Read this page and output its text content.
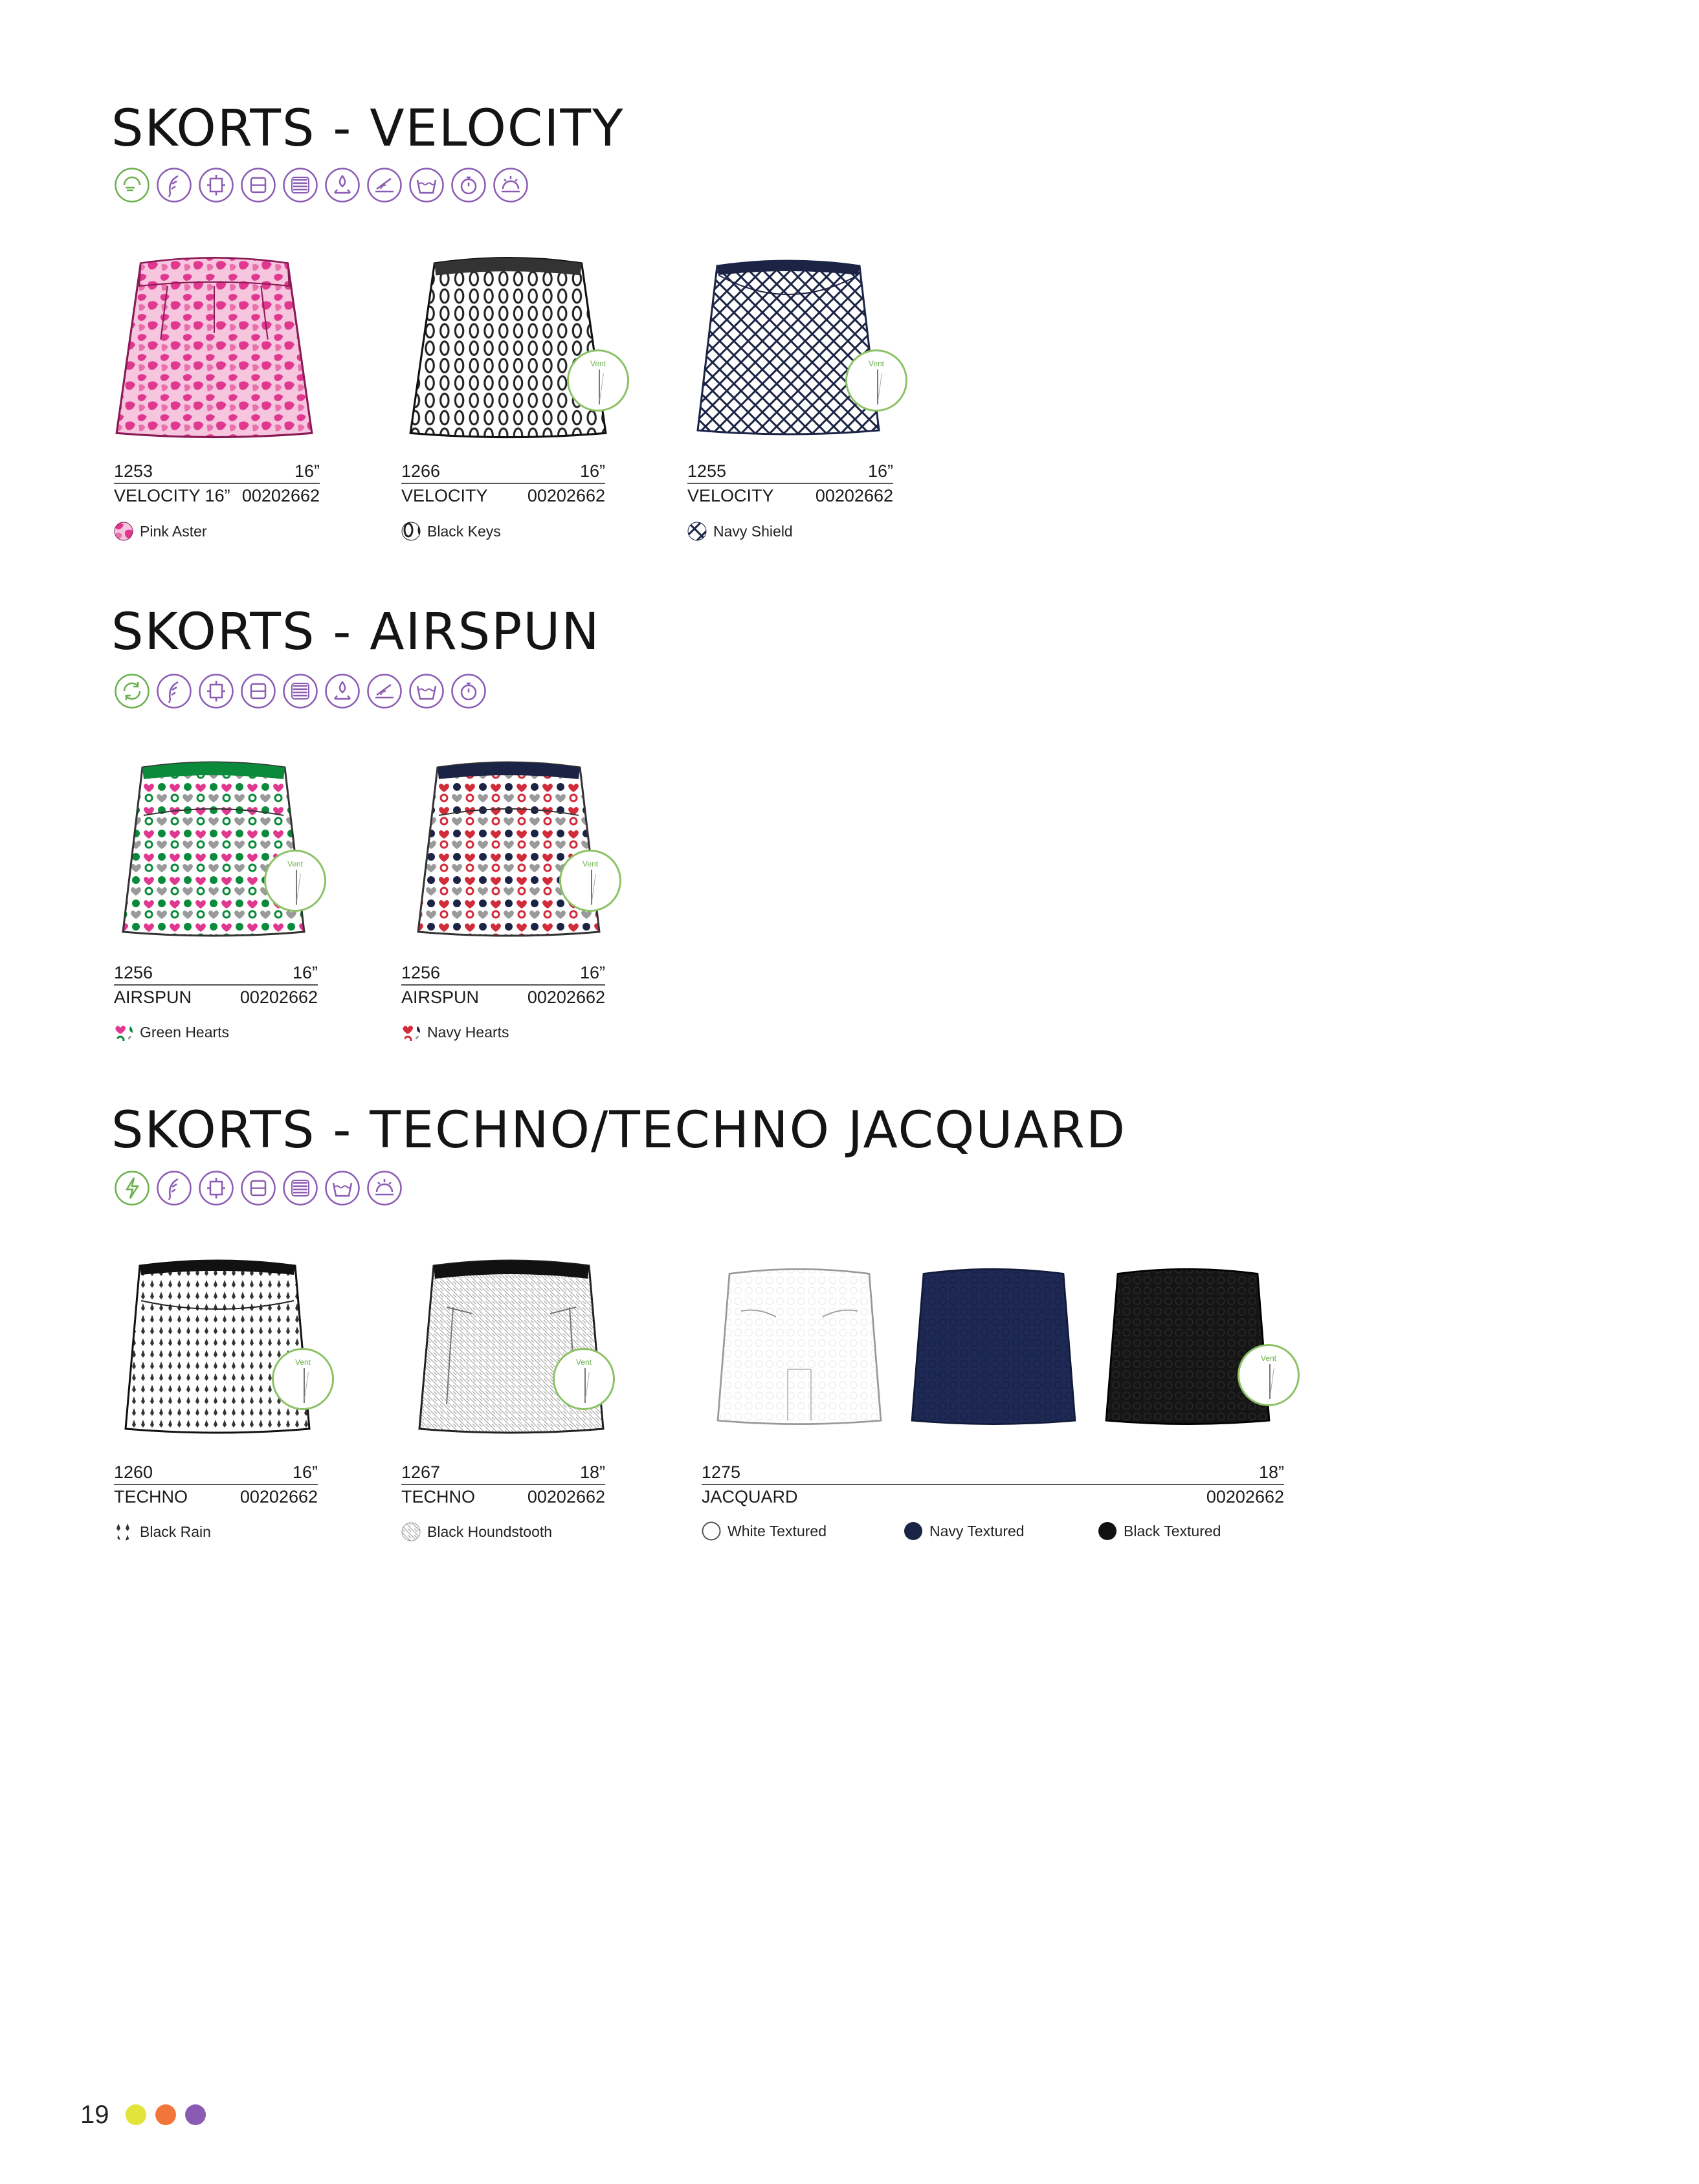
SKORTS - VELOCITY
1253	16”
VELOCITY 16” 00202662
Pink Aster
Vent
1266	16”
VELOCITY 00202662
Black Keys
Vent
1255	16”
VELOCITY 00202662
Navy Shield
SKORTS - AIRSPUN
Vent
1256	16”
AIRSPUN	00202662
Green Hearts
Vent
1256	16”
AIRSPUN	00202662
Navy Hearts
SKORTS - TECHNO/TECHNO JACQUARD
Vent
1260	16”
TECHNO	00202662
Black Rain
Vent
1267	18”
TECHNO	00202662
Black Houndstooth
Vent
1275	18”
JACQUARD	00202662
White Textured	Navy Textured	Black Textured
19
